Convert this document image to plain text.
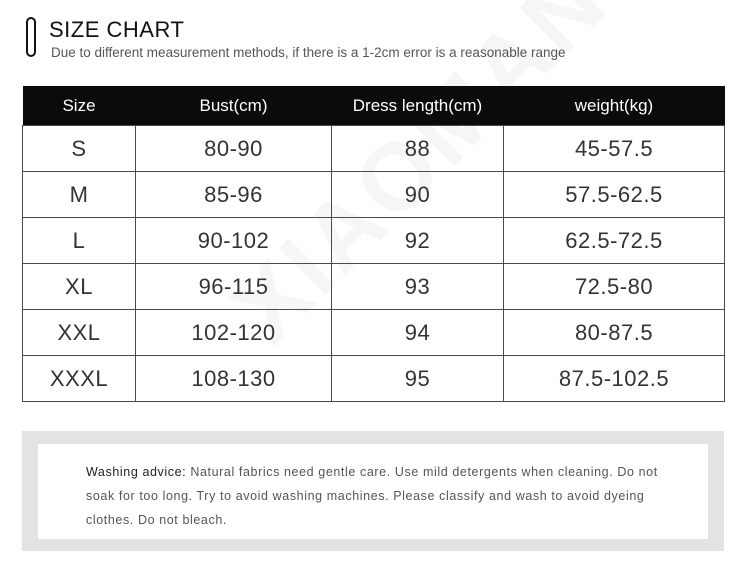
SIZE CHART
Due to different measurement methods, if there is a 1-2cm error is a reasonable range
Size	Bust(cm)	Dress length(cm)	weight(kg)
S	80-90	88	45-57.5
M	85-96	90	57.5-62.5
L	90-102	92	62.5-72.5
XL	96-115	93	72.5-80
XXL	102-120	94	80-87.5
XXXL	108-130	95	87.5-102.5
Washing advice: Natural fabrics need gentle care. Use mild detergents when cleaning. Do not soak for too long. Try to avoid washing machines. Please classify and wash to avoid dyeing clothes. Do not bleach.
